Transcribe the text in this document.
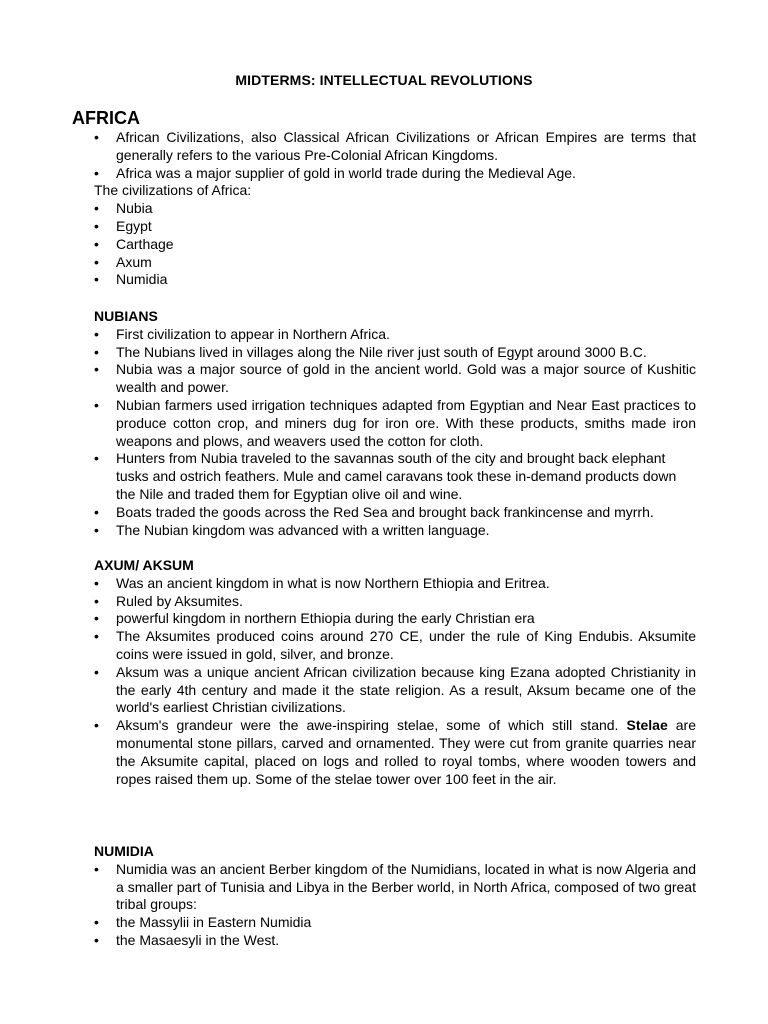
MIDTERMS: INTELLECTUAL REVOLUTIONS
AFRICA
• African Civilizations, also Classical African Civilizations or African Empires are terms that generally refers to the various Pre-Colonial African Kingdoms.
• Africa was a major supplier of gold in world trade during the Medieval Age.

The civilizations of Africa:

• Nubia
• Egypt
• Carthage
• Axum
• Numidia
NUBIANS
• First civilization to appear in Northern Africa.
• The Nubians lived in villages along the Nile river just south of Egypt around 3000 B.C.
• Nubia was a major source of gold in the ancient world. Gold was a major source of Kushitic wealth and power.
• Nubian farmers used irrigation techniques adapted from Egyptian and Near East practices to produce cotton crop, and miners dug for iron ore. With these products, smiths made iron weapons and plows, and weavers used the cotton for cloth.
• Hunters from Nubia traveled to the savannas south of the city and brought back elephant tusks and ostrich feathers. Mule and camel caravans took these in-demand products down the Nile and traded them for Egyptian olive oil and wine.
• Boats traded the goods across the Red Sea and brought back frankincense and myrrh.
• The Nubian kingdom was advanced with a written language.
AXUM/ AKSUM
• Was an ancient kingdom in what is now Northern Ethiopia and Eritrea.
• Ruled by Aksumites.
• powerful kingdom in northern Ethiopia during the early Christian era
• The Aksumites produced coins around 270 CE, under the rule of King Endubis. Aksumite coins were issued in gold, silver, and bronze.
• Aksum was a unique ancient African civilization because king Ezana adopted Christianity in the early 4th century and made it the state religion. As a result, Aksum became one of the world's earliest Christian civilizations.
• Aksum's grandeur were the awe-inspiring stelae, some of which still stand. Stelae are monumental stone pillars, carved and ornamented. They were cut from granite quarries near the Aksumite capital, placed on logs and rolled to royal tombs, where wooden towers and ropes raised them up. Some of the stelae tower over 100 feet in the air.
NUMIDIA
• Numidia was an ancient Berber kingdom of the Numidians, located in what is now Algeria and a smaller part of Tunisia and Libya in the Berber world, in North Africa, composed of two great tribal groups:
• the Massylii in Eastern Numidia
• the Masaesyli in the West.
